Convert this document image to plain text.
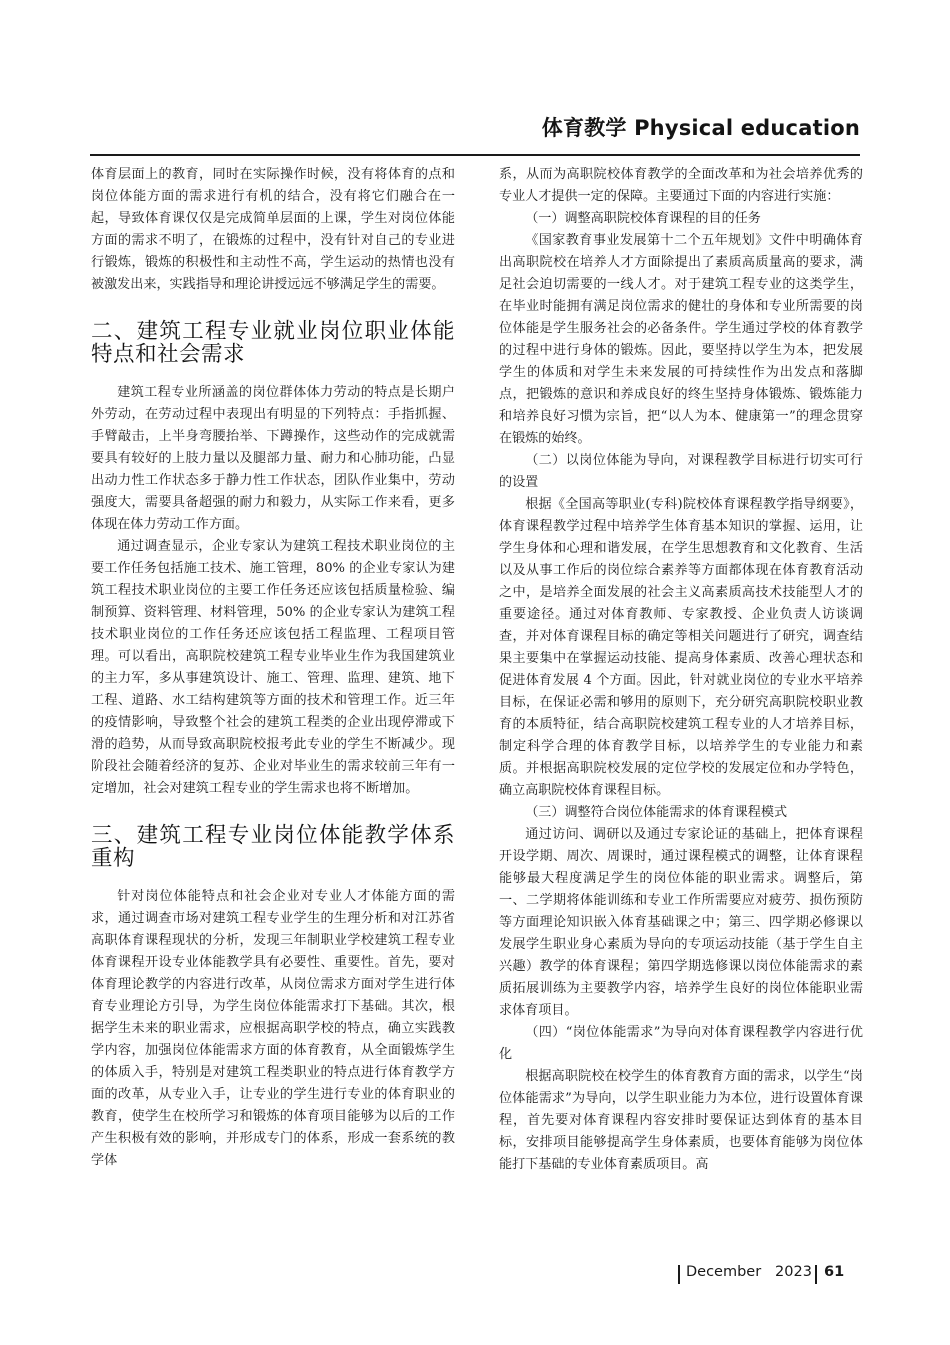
体育教学 Physical education

体育层面上的教育，同时在实际操作时候，没有将体育的点和岗位体能方面的需求进行有机的结合，没有将它们融合在一起，导致体育课仅仅是完成简单层面的上课，学生对岗位体能方面的需求不明了，在锻炼的过程中，没有针对自己的专业进行锻炼，锻炼的积极性和主动性不高，学生运动的热情也没有被激发出来，实践指导和理论讲授远远不够满足学生的需要。

二、建筑工程专业就业岗位职业体能特点和社会需求

建筑工程专业所涵盖的岗位群体体力劳动的特点是长期户外劳动，在劳动过程中表现出有明显的下列特点：手指抓握、手臂敲击，上半身弯腰抬举、下蹲操作，这些动作的完成就需要具有较好的上肢力量以及腿部力量、耐力和心肺功能，凸显出动力性工作状态多于静力性工作状态，团队作业集中，劳动强度大，需要具备超强的耐力和毅力，从实际工作来看，更多体现在体力劳动工作方面。

通过调查显示，企业专家认为建筑工程技术职业岗位的主要工作任务包括施工技术、施工管理，80% 的企业专家认为建筑工程技术职业岗位的主要工作任务还应该包括质量检验、编制预算、资料管理、材料管理，50% 的企业专家认为建筑工程技术职业岗位的工作任务还应该包括工程监理、工程项目管理。可以看出，高职院校建筑工程专业毕业生作为我国建筑业的主力军，多从事建筑设计、施工、管理、监理、建筑、地下工程、道路、水工结构建筑等方面的技术和管理工作。近三年的疫情影响，导致整个社会的建筑工程类的企业出现停滞或下滑的趋势，从而导致高职院校报考此专业的学生不断减少。现阶段社会随着经济的复苏、企业对毕业生的需求较前三年有一定增加，社会对建筑工程专业的学生需求也将不断增加。

三、建筑工程专业岗位体能教学体系重构

针对岗位体能特点和社会企业对专业人才体能方面的需求，通过调查市场对建筑工程专业学生的生理分析和对江苏省高职体育课程现状的分析，发现三年制职业学校建筑工程专业体育课程开设专业体能教学具有必要性、重要性。首先，要对体育理论教学的内容进行改革，从岗位需求方面对学生进行体育专业理论方引导，为学生岗位体能需求打下基础。其次，根据学生未来的职业需求，应根据高职学校的特点，确立实践教学内容，加强岗位体能需求方面的体育教育，从全面锻炼学生的体质入手，特别是对建筑工程类职业的特点进行体育教学方面的改革，从专业入手，让专业的学生进行专业的体育职业的教育，使学生在校所学习和锻炼的体育项目能够为以后的工作产生积极有效的影响，并形成专门的体系，形成一套系统的教学体

系，从而为高职院校体育教学的全面改革和为社会培养优秀的专业人才提供一定的保障。主要通过下面的内容进行实施：

（一）调整高职院校体育课程的目的任务

《国家教育事业发展第十二个五年规划》文件中明确体育出高职院校在培养人才方面除提出了素质高质量高的要求，满足社会迫切需要的一线人才。对于建筑工程专业的这类学生，在毕业时能拥有满足岗位需求的健壮的身体和专业所需要的岗位体能是学生服务社会的必备条件。学生通过学校的体育教学的过程中进行身体的锻炼。因此，要坚持以学生为本，把发展学生的体质和对学生未来发展的可持续性作为出发点和落脚点，把锻炼的意识和养成良好的终生坚持身体锻炼、锻炼能力和培养良好习惯为宗旨，把“以人为本、健康第一”的理念贯穿在锻炼的始终。

（二）以岗位体能为导向，对课程教学目标进行切实可行的设置

根据《全国高等职业(专科)院校体育课程教学指导纲要》，体育课程教学过程中培养学生体育基本知识的掌握、运用，让学生身体和心理和谐发展，在学生思想教育和文化教育、生活以及从事工作后的岗位综合素养等方面都体现在体育教育活动之中，是培养全面发展的社会主义高素质高技术技能型人才的重要途径。通过对体育教师、专家教授、企业负责人访谈调查，并对体育课程目标的确定等相关问题进行了研究，调查结果主要集中在掌握运动技能、提高身体素质、改善心理状态和促进体育发展 4 个方面。因此，针对就业岗位的专业水平培养目标，在保证必需和够用的原则下，充分研究高职院校职业教育的本质特征，结合高职院校建筑工程专业的人才培养目标，制定科学合理的体育教学目标，以培养学生的专业能力和素质。并根据高职院校发展的定位学校的发展定位和办学特色，确立高职院校体育课程目标。

（三）调整符合岗位体能需求的体育课程模式

通过访问、调研以及通过专家论证的基础上，把体育课程开设学期、周次、周课时，通过课程模式的调整，让体育课程能够最大程度满足学生的岗位体能的职业需求。调整后，第一、二学期将体能训练和专业工作所需要应对疲劳、损伤预防等方面理论知识嵌入体育基础课之中；第三、四学期必修课以发展学生职业身心素质为导向的专项运动技能（基于学生自主兴趣）教学的体育课程；第四学期选修课以岗位体能需求的素质拓展训练为主要教学内容，培养学生良好的岗位体能职业需求体育项目。

（四）“岗位体能需求”为导向对体育课程教学内容进行优化

根据高职院校在校学生的体育教育方面的需求，以学生“岗位体能需求”为导向，以学生职业能力为本位，进行设置体育课程，首先要对体育课程内容安排时要保证达到体育的基本目标，安排项目能够提高学生身体素质，也要体育能够为岗位体能打下基础的专业体育素质项目。高

December 2023 61
